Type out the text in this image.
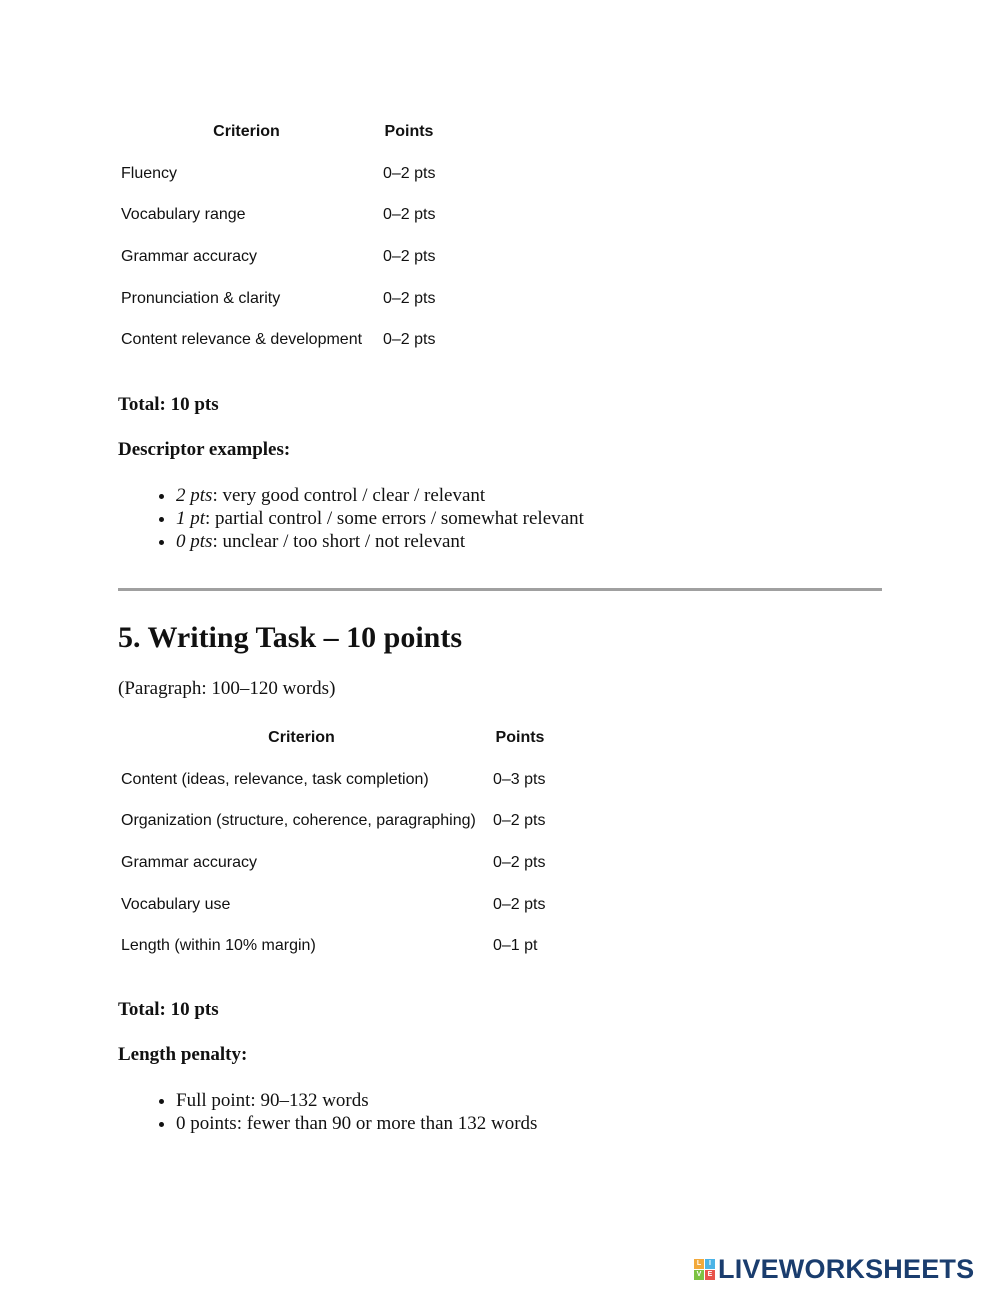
Criterion	Points
Fluency	0–2 pts
Vocabulary range	0–2 pts
Grammar accuracy	0–2 pts
Pronunciation & clarity	0–2 pts
Content relevance & development	0–2 pts

Total: 10 pts

Descriptor examples:

• 2 pts: very good control / clear / relevant
• 1 pt: partial control / some errors / somewhat relevant
• 0 pts: unclear / too short / not relevant
5. Writing Task – 10 points

(Paragraph: 100–120 words)

Criterion	Points
Content (ideas, relevance, task completion)	0–3 pts
Organization (structure, coherence, paragraphing)	0–2 pts
Grammar accuracy	0–2 pts
Vocabulary use	0–2 pts
Length (within 10% margin)	0–1 pt

Total: 10 pts

Length penalty:

• Full point: 90–132 words
• 0 points: fewer than 90 or more than 132 words
L	I
V E LIVEWORKSHEETS
